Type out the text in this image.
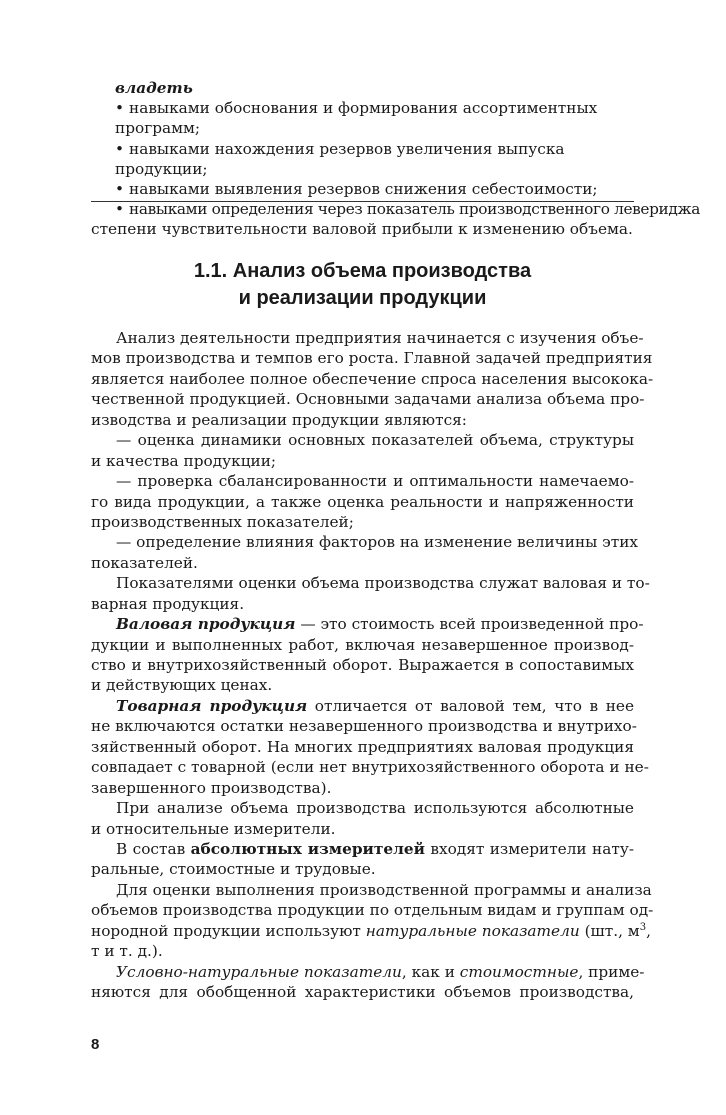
владеть
• навыками обоснования и формирования ассортиментных программ;
• навыками нахождения резервов увеличения выпуска продукции;
• навыками выявления резервов снижения себестоимости;
• навыками определения через показатель производственного левериджа
степени чувствительности валовой прибыли к изменению объема.
1.1. Анализ объема производства
и реализации продукции
Анализ деятельности предприятия начинается с изучения объе-
мов производства и темпов его роста. Главной задачей предприятия
является наиболее полное обеспечение спроса населения высокока-
чественной продукцией. Основными задачами анализа объема про-
изводства и реализации продукции являются:
— оценка динамики основных показателей объема, структуры
и качества продукции;
— проверка сбалансированности и оптимальности намечаемо-
го вида продукции, а также оценка реальности и напряженности
производственных показателей;
— определение влияния факторов на изменение величины этих
показателей.
Показателями оценки объема производства служат валовая и то-
варная продукция.
Валовая продукция — это стоимость всей произведенной про-
дукции и выполненных работ, включая незавершенное производ-
ство и внутрихозяйственный оборот. Выражается в сопоставимых
и действующих ценах.
Товарная продукция отличается от валовой тем, что в нее
не включаются остатки незавершенного производства и внутрихо-
зяйственный оборот. На многих предприятиях валовая продукция
совпадает с товарной (если нет внутрихозяйственного оборота и не-
завершенного производства).
При анализе объема производства используются абсолютные
и относительные измерители.
В состав абсолютных измерителей входят измерители нату-
ральные, стоимостные и трудовые.
Для оценки выполнения производственной программы и анализа
объемов производства продукции по отдельным видам и группам од-
нородной продукции используют натуральные показатели (шт., $м^3$,
т и т. д.).
Условно-натуральные показатели, как и стоимостные, приме-
няются для обобщенной характеристики объемов производства,
8
